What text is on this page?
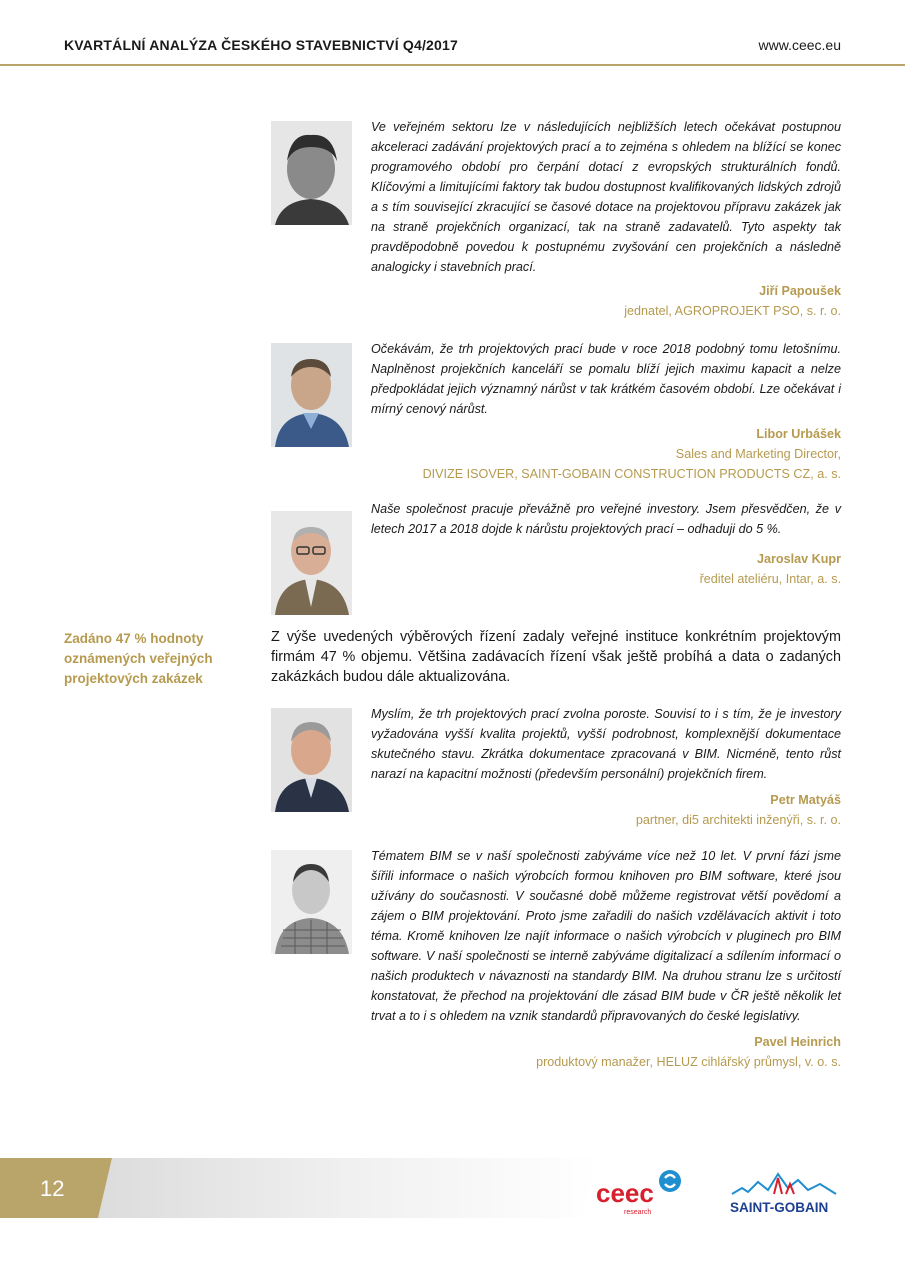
KVARTÁLNÍ ANALÝZA ČESKÉHO STAVEBNICTVÍ Q4/2017	www.ceec.eu

Ve veřejném sektoru lze v následujících nejbližších letech očekávat postupnou akceleraci zadávání projektových prací a to zejména s ohledem na blížící se konec programového období pro čerpání dotací z evropských strukturálních fondů. Klíčovými a limitujícími faktory tak budou dostupnost kvalifikovaných lidských zdrojů a s tím související zkracující se časové dotace na projektovou přípravu zakázek jak na straně projekčních organizací, tak na straně zadavatelů. Tyto aspekty tak pravděpodobně povedou k postupnému zvyšování cen projekčních a následně analogicky i stavebních prací.

Jiří Papoušek
jednatel, AGROPROJEKT PSO, s. r. o.

Očekávám, že trh projektových prací bude v roce 2018 podobný tomu letošnímu. Naplněnost projekčních kanceláří se pomalu blíží jejich maximu kapacit a nelze předpokládat jejich významný nárůst v tak krátkém časovém období. Lze očekávat i mírný cenový nárůst.

Libor Urbášek
Sales and Marketing Director,
DIVIZE ISOVER, SAINT-GOBAIN CONSTRUCTION PRODUCTS CZ, a. s.

Naše společnost pracuje převážně pro veřejné investory. Jsem přesvědčen, že v letech 2017 a 2018 dojde k nárůstu projektových prací – odhaduji do 5 %.

Jaroslav Kupr
ředitel ateliéru, Intar, a. s.
Zadáno 47 % hodnoty oznámených veřejných projektových zakázek

Z výše uvedených výběrových řízení zadaly veřejné instituce konkrétním projektovým firmám 47 % objemu. Většina zadávacích řízení však ještě probíhá a data o zadaných zakázkách budou dále aktualizována.

Myslím, že trh projektových prací zvolna poroste. Souvisí to i s tím, že je investory vyžadována vyšší kvalita projektů, vyšší podrobnost, komplexnější dokumentace skutečného stavu. Zkrátka dokumentace zpracovaná v BIM. Nicméně, tento růst narazí na kapacitní možnosti (především personální) projekčních firem.

Petr Matyáš
partner, di5 architekti inženýři, s. r. o.

Tématem BIM se v naší společnosti zabýváme více než 10 let. V první fázi jsme šířili informace o našich výrobcích formou knihoven pro BIM software, které jsou užívány do současnosti. V současné době můžeme registrovat větší povědomí a zájem o BIM projektování. Proto jsme zařadili do našich vzdělávacích aktivit i toto téma. Kromě knihoven lze najít informace o našich výrobcích v pluginech pro BIM software. V naší společnosti se interně zabýváme digitalizací a sdílením informací o našich produktech v návaznosti na standardy BIM. Na druhou stranu lze s určitostí konstatovat, že přechod na projektování dle zásad BIM bude v ČR ještě několik let trvat a to i s ohledem na vznik standardů připravovaných do české legislativy.

Pavel Heinrich
produktový manažer, HELUZ cihlářský průmysl, v. o. s.
12	ceec
research	SAINT-GOBAIN
